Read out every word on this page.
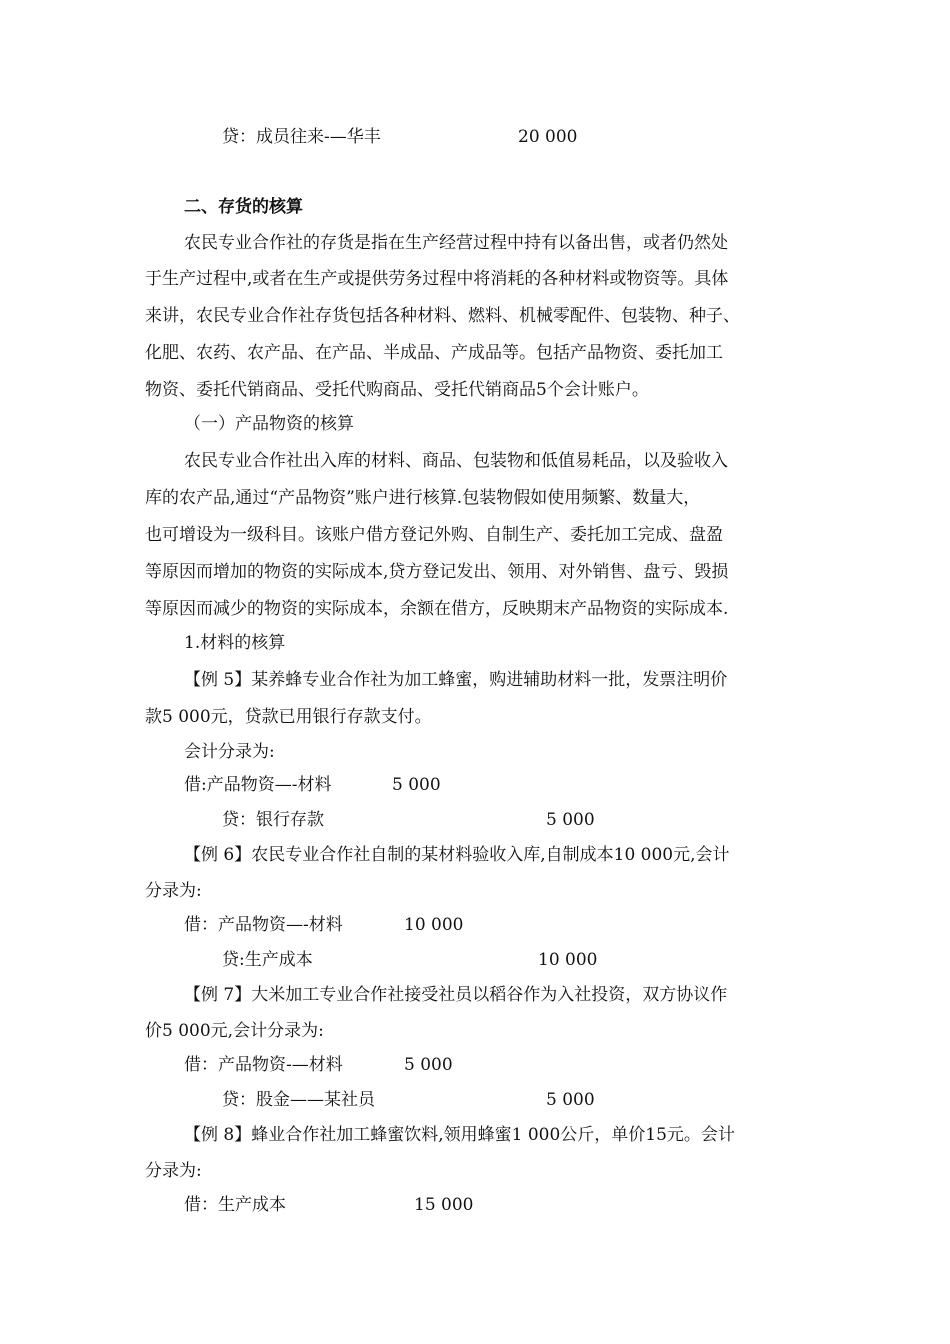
贷：成员往来-—华丰	20 000
二、存货的核算
农民专业合作社的存货是指在生产经营过程中持有以备出售，或者仍然处
于生产过程中,或者在生产或提供劳务过程中将消耗的各种材料或物资等。具体
来讲，农民专业合作社存货包括各种材料、燃料、机械零配件、包装物、种子、
化肥、农药、农产品、在产品、半成品、产成品等。包括产品物资、委托加工
物资、委托代销商品、受托代购商品、受托代销商品5个会计账户。
（一）产品物资的核算
农民专业合作社出入库的材料、商品、包装物和低值易耗品，以及验收入
库的农产品,通过“产品物资”账户进行核算.包装物假如使用频繁、数量大，
也可增设为一级科目。该账户借方登记外购、自制生产、委托加工完成、盘盈
等原因而增加的物资的实际成本,贷方登记发出、领用、对外销售、盘亏、毁损
等原因而减少的物资的实际成本，余额在借方，反映期末产品物资的实际成本.
1.材料的核算
【例 5】某养蜂专业合作社为加工蜂蜜，购进辅助材料一批，发票注明价
款5 000元，贷款已用银行存款支付。
会计分录为:
借:产品物资—-材料	5 000
贷：银行存款	5 000
【例 6】农民专业合作社自制的某材料验收入库,自制成本10 000元,会计
分录为:
借：产品物资—-材料	10 000
贷:生产成本	10 000
【例 7】大米加工专业合作社接受社员以稻谷作为入社投资，双方协议作
价5 000元,会计分录为:
借：产品物资-—材料	5 000
贷：股金——某社员	5 000
【例 8】蜂业合作社加工蜂蜜饮料,领用蜂蜜1 000公斤，单价15元。会计
分录为:
借：生产成本	15 000
